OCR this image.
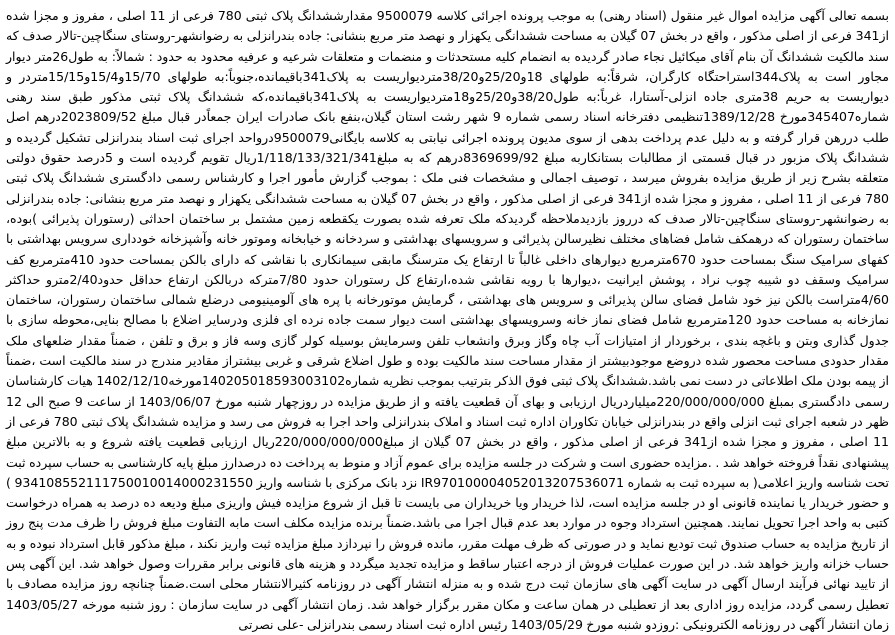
بسمه تعالی آگهی مزایده اموال غیر منقول (اسناد رهنی) به موجب پرونده اجرائی کلاسه 9500079 مقدارششدانگ پلاک ثبتی 780 فرعی از 11 اصلی ، مفروز و مجزا شده از341 فرعی از اصلی مذکور ، واقع در بخش 07 گیلان به مساحت ششدانگی یکهزار و نهصد متر مربع بنشانی: جاده بندرانزلی به رضوانشهر-روستای سنگاچین-تالار صدف که سند مالکیت ششدانگ آن بنام آقای میکائیل نجاء صادر گردیده به انضمام کلیه مستحدثات و منضمات و متعلقات شرعیه و عرفیه محدود به حدود : شمالاً: به طول26متر دیوار مجاور است به پلاک344استراحتگاه کارگران، شرقاً:به طولهای 18و25/20و38/20متردیواریست به پلاک341باقیمانده،جنوباً:به طولهای 15/70و15/4و15/15متردر و دیواریست به حریم 38متری جاده انزلی-آستارا، غرباً:به طول38/20و25/20و18متردیواریست به پلاک341باقیمانده،که ششدانگ پلاک ثبتی مذکور طبق سند رهنی شماره345407مورخ 1389/12/28تنظیمی دفترخانه اسناد رسمی شماره 9 شهر رشت استان گیلان،بنفع بانک صادرات ایران جمعاًدر قبال مبلغ 2023809/52درهم اصل طلب دررهن قرار گرفته و به دلیل عدم پرداخت بدهی از سوی مدیون پرونده اجرائی نیابتی به کلاسه بایگانی9500079درواحد اجرای ثبت اسناد بندرانزلی تشکیل گردیده و ششدانگ پلاک مزبور در قبال قسمتی از مطالبات بستانکاربه مبلغ 8369699/92درهم که به مبلغ1/118/133/321/341ریال تقویم گردیده است و 5درصد حقوق دولتی متعلقه بشرح زیر از طریق مزایده بفروش میرسد ، توصیف اجمالی و مشخصات فنی ملک : بموجب گزارش مأمور اجرا و کارشناس رسمی دادگستری ششدانگ پلاک ثبتی 780 فرعی از 11 اصلی ، مفروز و مجزا شده از341 فرعی از اصلی مذکور ، واقع در بخش 07 گیلان به مساحت ششدانگی یکهزار و نهصد متر مربع بنشانی: جاده بندرانزلی به رضوانشهر-روستای سنگاچین-تالار صدف که درروز بازدیدملاحظه گردیدکه ملک تعرفه شده بصورت یکقطعه زمین مشتمل بر ساختمان احداثی (رستوران پذیرائی )بوده، ساختمان رستوران که درهمکف شامل فضاهای مختلف نظیرسالن پذیرائی و سرویسهای بهداشتی و سردخانه و خیابخانه وموتور خانه وآشپزخانه خودداری سرویس بهداشتی با کفهای سرامیک سنگ بمساحت حدود 670مترمربع دیوارهای داخلی غالباً تا ارتفاع یک مترسنگ مابقی سیمانکاری با نقاشی که دارای بالکن بمساحت حدود 410مترمربع کف سرامیک وسقف دو شیبه چوب نراد ، پوشش ایرانیت ،دیوارها با رویه نقاشی شده،ارتفاع کل رستوران حدود 7/80مترکه دربالکن ارتفاع حداقل حدود2/40مترو حداکثر 4/60متراست بالکن نیز خود شامل فضای سالن پذیرائی و سرویس های بهداشتی ، گرمایش موتورخانه با پره های آلومینیومی درضلع شمالی ساختمان رستوران، ساختمان نمازخانه به مساحت حدود 120مترمربع شامل فضای نماز خانه وسرویسهای بهداشتی است دیوار سمت جاده نرده ای فلزی ودرسایر اضلاع با مصالح بنایی،محوطه سازی با جدول گذاری وبتن و باغچه بندی ، برخوردار از امتیازات آب چاه وگاز وبرق وانشعاب تلفن وسرمایش بوسیله کولر گازی وسه فاز و برق و تلفن ، ضمناً مقدار ضلعهای ملک مقدار حدودی مساحت محصور شده دروضع موجودبیشتر از مقدار مساحت سند مالکیت بوده و طول اضلاع شرقی و غربی بیشتراز مقادیر مندرج در سند مالکیت است ،ضمناً از پیمه بودن ملک اطلاعاتی در دست نمی باشد.ششدانگ پلاک ثبتی فوق الذکر بترتیب بموجب نظریه شماره140205018593003102مورخه1402/12/10 هیات کارشناسان رسمی دادگستری بمبلغ 220/000/000/000میلیاردریال ارزیابی و بهای آن قطعیت یافته و از طریق مزایده در روزچهار شنبه مورخ 1403/06/07 از ساعت 9 صبح الی 12 ظهر در شعبه اجرای ثبت انزلی واقع در بندرانزلی خیابان تکاوران اداره ثبت اسناد و املاک بندرانزلی واحد اجرا به فروش می رسد و مزایده ششدانگ پلاک ثبتی 780 فرعی از 11 اصلی ، مفروز و مجزا شده از341 فرعی از اصلی مذکور ، واقع در بخش 07 گیلان از مبلغ220/000/000/000ریال ارزیابی قطعیت یافته شروع و به بالاترین مبلغ پیشنهادی نقداً فروخته خواهد شد . .مزایده حضوری است و شرکت در جلسه مزایده برای عموم آزاد و منوط به پرداخت ده درصدارز مبلغ پایه کارشناسی به حساب سپرده ثبت تحت شناسه واریز اعلامی( به سپرده ثبت به شماره IR970100004052013207536071 نزد بانک مرکزی با شناسه واریز 934108552111750010014000231550 ) و حضور خریدار یا نماینده قانونی او در جلسه مزایده است، لذا خریدار ویا خریداران می بایست تا قبل از شروع مزایده فیش واریزی مبلغ ودیعه ده درصد به همراه درخواست کتبی به واحد اجرا تحویل نمایند. همچنین استرداد وجوه در موارد بعد عدم قبال اجرا می باشد.ضمناً برنده مزایده مکلف است مابه التفاوت مبلغ فروش را ظرف مدت پنج روز از تاریخ مزایده به حساب صندوق ثبت تودیع نماید و در صورتی که ظرف مهلت مقرر، مانده فروش را نپردازد مبلغ مزایده ثبت واریز نکند ، مبلغ مذکور قابل استرداد نبوده و به حساب خزانه واریز خواهد شد. در این صورت عملیات فروش از درجه اعتبار ساقط و مزایده تجدید میگردد و هزینه های قانونی برابر مقررات وصول خواهد شد. این آگهی پس از تایید نهائی فرآیند ارسال آگهی در سایت آگهی های سازمان ثبت درج شده و به منزله انتشار آگهی در روزنامه کثیرالانتشار محلی است.ضمناً چنانچه روز مزایده مصادف با تعطیل رسمی گردد، مزایده روز اداری بعد از تعطیلی در همان ساعت و مکان مقرر برگزار خواهد شد. زمان انتشار آگهی در سایت سازمان : روز شنبه مورخه 1403/05/27 زمان انتشار آگهی در روزنامه الکترونیکی :روزدو شنبه مورخ 1403/05/29 رئیس اداره ثبت اسناد رسمی بندرانزلی -علی نصرتی
